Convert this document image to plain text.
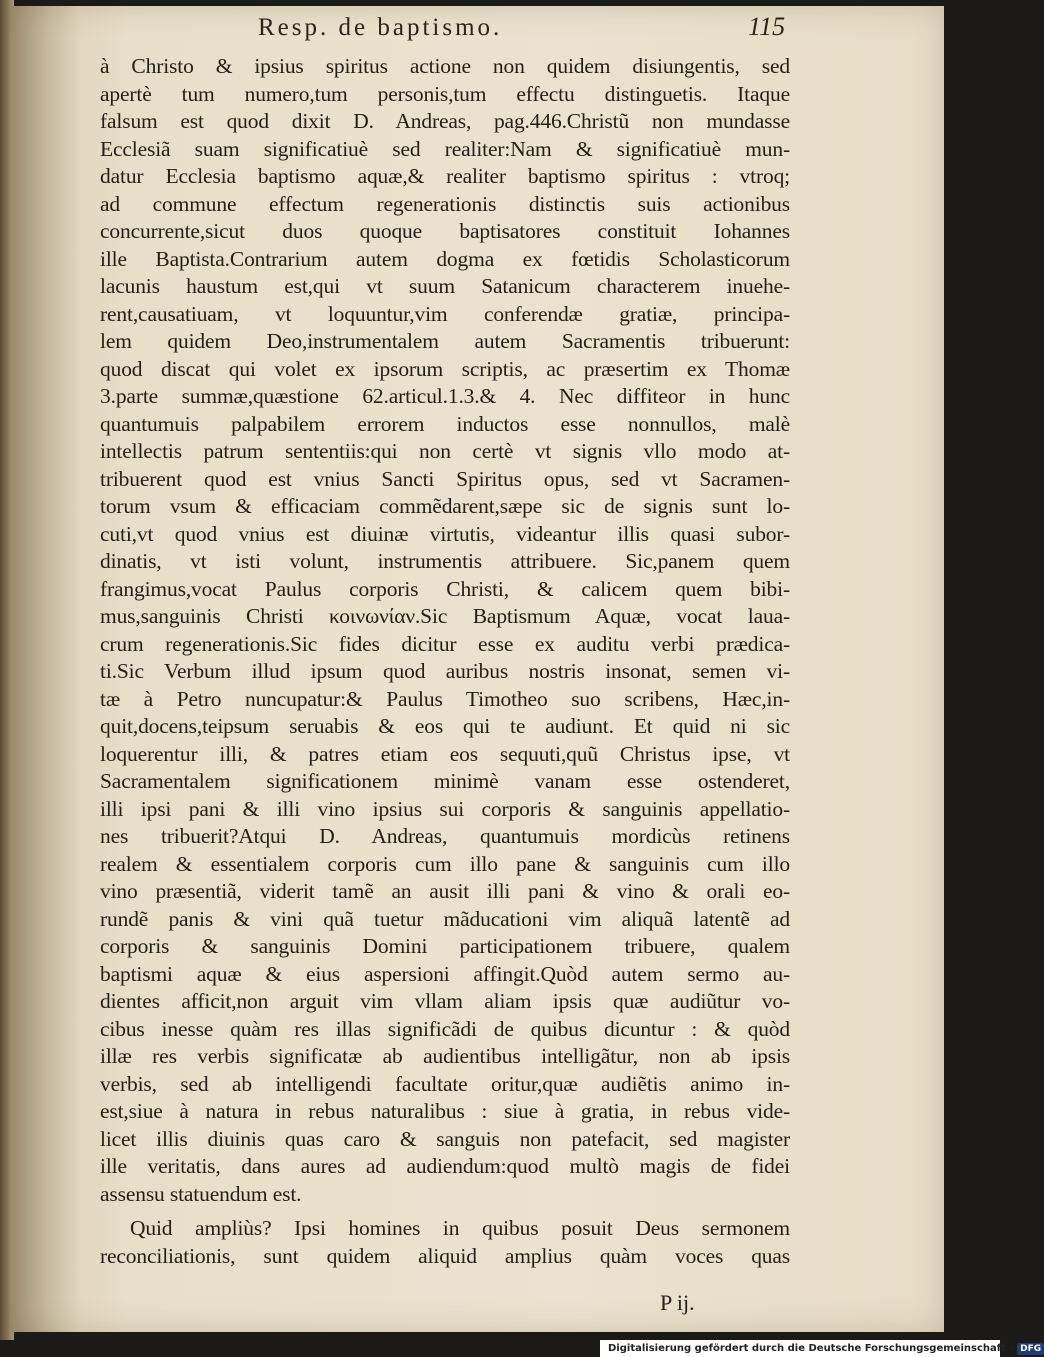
Resp. de baptismo.	115
à Christo & ipsius spiritus actione non quidem disiungentis, sed
apertè tum numero,tum personis,tum effectu distinguetis. Itaque
falsum est quod dixit D. Andreas, pag.446.Christũ non mundasse
Ecclesiã suam significatiuè sed realiter:Nam & significatiuè mun-
datur Ecclesia baptismo aquæ,& realiter baptismo spiritus : vtroq;
ad commune effectum regenerationis distinctis suis actionibus
concurrente,sicut duos quoque baptisatores constituit Iohannes
ille Baptista.Contrarium autem dogma ex fœtidis Scholasticorum
lacunis haustum est,qui vt suum Satanicum characterem inuehe-
rent,causatiuam, vt loquuntur,vim conferendæ gratiæ, principa-
lem quidem Deo,instrumentalem autem Sacramentis tribuerunt:
quod discat qui volet ex ipsorum scriptis, ac præsertim ex Thomæ
3.parte summæ,quæstione 62.articul.1.3.& 4. Nec diffiteor in hunc
quantumuis palpabilem errorem inductos esse nonnullos, malè
intellectis patrum sententiis:qui non certè vt signis vllo modo at-
tribuerent quod est vnius Sancti Spiritus opus, sed vt Sacramen-
torum vsum & efficaciam commẽdarent,sæpe sic de signis sunt lo-
cuti,vt quod vnius est diuinæ virtutis, videantur illis quasi subor-
dinatis, vt isti volunt, instrumentis attribuere. Sic,panem quem
frangimus,vocat Paulus corporis Christi, & calicem quem bibi-
mus,sanguinis Christi κοινωνίαν.Sic Baptismum Aquæ, vocat laua-
crum regenerationis.Sic fides dicitur esse ex auditu verbi prædica-
ti.Sic Verbum illud ipsum quod auribus nostris insonat, semen vi-
tæ à Petro nuncupatur:& Paulus Timotheo suo scribens, Hæc,in-
quit,docens,teipsum seruabis & eos qui te audiunt. Et quid ni sic
loquerentur illi, & patres etiam eos sequuti,quũ Christus ipse, vt
Sacramentalem significationem minimè vanam esse ostenderet,
illi ipsi pani & illi vino ipsius sui corporis & sanguinis appellatio-
nes tribuerit?Atqui D. Andreas, quantumuis mordicùs retinens
realem & essentialem corporis cum illo pane & sanguinis cum illo
vino præsentiã, viderit tamẽ an ausit illi pani & vino & orali eo-
rundẽ panis & vini quã tuetur mãducationi vim aliquã latentẽ ad
corporis & sanguinis Domini participationem tribuere, qualem
baptismi aquæ & eius aspersioni affingit.Quòd autem sermo au-
dientes afficit,non arguit vim vllam aliam ipsis quæ audiũtur vo-
cibus inesse quàm res illas significãdi de quibus dicuntur : & quòd
illæ res verbis significatæ ab audientibus intelligãtur, non ab ipsis
verbis, sed ab intelligendi facultate oritur,quæ audiẽtis animo in-
est,siue à natura in rebus naturalibus : siue à gratia, in rebus vide-
licet illis diuinis quas caro & sanguis non patefacit, sed magister
ille veritatis, dans aures ad audiendum:quod multò magis de fidei
assensu statuendum est.
Quid ampliùs? Ipsi homines in quibus posuit Deus sermonem
reconciliationis, sunt quidem aliquid amplius quàm voces quas
P ij.
Digitalisierung gefördert durch die Deutsche Forschungsgemeinschaft · DFG
